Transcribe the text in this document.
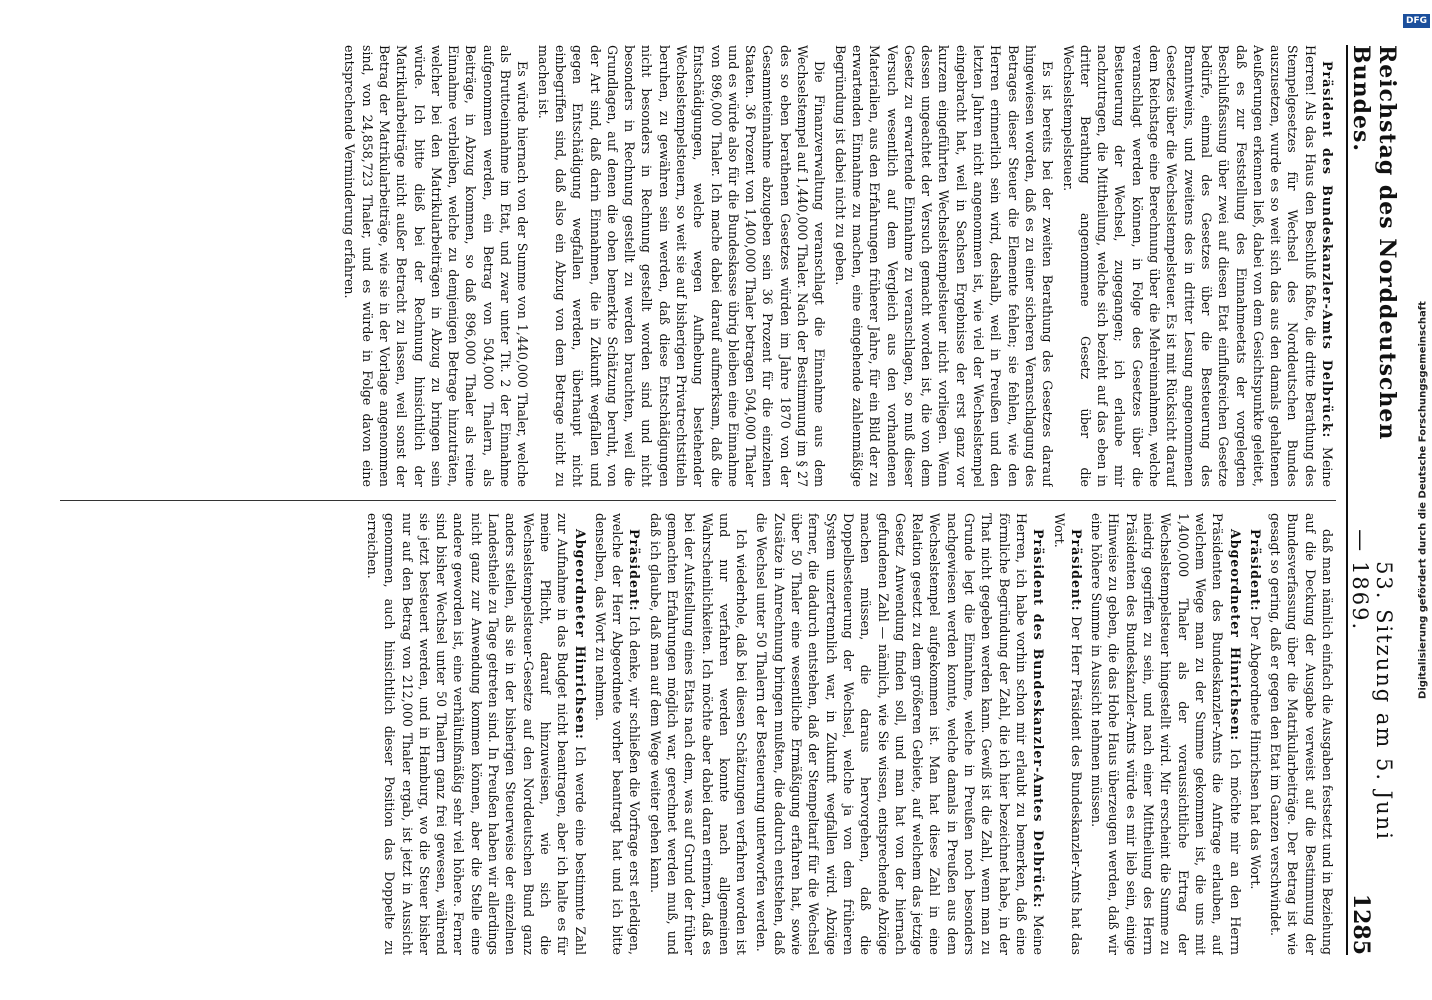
Reichstag des Norddeutschen Bundes.
—
53. Sitzung am 5. Juni 1869.
1285

Präsident des Bundeskanzler-Amts Delbrück: Meine Herren! Als das Haus den Beschluß faßte, die dritte Berathung des Stempelgesetzes für Wechsel des Norddeutschen Bundes auszusetzen, wurde es so weit sich das aus den damals gehaltenen Aeußerungen erkennen ließ, dabei von dem Gesichtspunkte geleitet, daß es zur Feststellung des Einnahmeetats der vorgelegten Beschlußfassung über zwei auf diesen Etat einflußreichen Gesetze bedürfe, einmal des Gesetzes über die Besteuerung des Branntweins, und zweitens des in dritter Lesung angenommenen Gesetzes über die Wechselstempelsteuer. Es ist mit Rücksicht darauf dem Reichstage eine Berechnung über die Mehreinnahmen, welche veranschlagt werden können, in Folge des Gesetzes über die Besteuerung der Wechsel, zugegangen; ich erlaube mir nachzutragen, die Mittheilung, welche sich bezieht auf das eben in dritter Berathung angenommene Gesetz über die Wechselstempelsteuer.

Es ist bereits bei der zweiten Berathung des Gesetzes darauf hingewiesen worden, daß es zu einer sicheren Veranschlagung des Betrages dieser Steuer die Elemente fehlen; sie fehlen, wie den Herren erinnerlich sein wird, deshalb, weil in Preußen und den letzten Jahren nicht angenommen ist, wie viel der Wechselstempel eingebracht hat, weil in Sachsen Ergebnisse der erst ganz vor kurzem eingeführten Wechselstempelsteuer nicht vorliegen. Wenn dessen ungeachtet der Versuch gemacht worden ist, die von dem Gesetz zu erwartende Einnahme zu veranschlagen, so muß dieser Versuch wesentlich auf dem Vergleich aus den vorhandenen Materialien, aus den Erfahrungen früherer Jahre, für ein Bild der zu erwartenden Einnahme zu machen, eine eingehende zahlenmäßige Begründung ist dabei nicht zu geben.

Die Finanzverwaltung veranschlagt die Einnahme aus dem Wechselstempel auf 1,440,000 Thaler. Nach der Bestimmung im § 27 des so eben berathenen Gesetzes würden im Jahre 1870 von der Gesammteinnahme abzugeben sein 36 Prozent für die einzelnen Staaten. 36 Prozent von 1,400,000 Thaler betragen 504,000 Thaler und es würde also für die Bundeskasse übrig bleiben eine Einnahme von 896,000 Thaler. Ich mache dabei darauf aufmerksam, daß die Entschädigungen, welche wegen Aufhebung bestehender Wechselstempelsteuern, so weit sie auf bisherigen Privatrechtstiteln beruhen, zu gewähren sein werden, daß diese Entschädigungen nicht besonders in Rechnung gestellt worden sind und nicht besonders in Rechnung gestellt zu werden brauchten, weil die Grundlagen, auf denen die oben bemerkte Schätzung beruht, von der Art sind, daß darin Einnahmen, die in Zukunft wegfallen und gegen Entschädigung wegfallen werden, überhaupt nicht einbegriffen sind, daß also ein Abzug von dem Betrage nicht zu machen ist.

Es würde hiernach von der Summe von 1,440,000 Thaler, welche als Bruttoeinnahme im Etat, und zwar unter Tit. 2 der Einnahme aufgenommen werden, ein Betrag von 504,000 Thalern, als Beiträge, in Abzug kommen, so daß 896,000 Thaler als reine Einnahme verbleiben, welche zu demjenigen Betrage hinzuträten, welcher bei den Matrikularbeiträgen in Abzug zu bringen sein würde. Ich bitte dieß bei der Rechnung hinsichtlich der Matrikularbeiträge nicht außer Betracht zu lassen, weil sonst der Betrag der Matrikularbeiträge, wie sie in der Vorlage angenommen sind, von 24,858,723 Thaler, und es würde in Folge davon eine entsprechende Verminderung erfahren.

daß man nämlich einfach die Ausgaben festsetzt und in Beziehung auf die Deckung der Ausgabe verweist auf die Bestimmung der Bundesverfassung über die Matrikularbeiträge. Der Betrag ist wie gesagt so gering, daß er gegen den Etat im Ganzen verschwindet.

Präsident: Der Abgeordnete Hinrichsen hat das Wort.

Abgeordneter Hinrichsen: Ich möchte mir an den Herrn Präsidenten des Bundeskanzler-Amts die Anfrage erlauben, auf welchem Wege man zu der Summe gekommen ist, die uns mit 1,400,000 Thaler als der voraussichtliche Ertrag der Wechselstempelsteuer hingestellt wird. Mir erscheint die Summe zu niedrig gegriffen zu sein, und nach einer Mittheilung des Herrn Präsidenten des Bundeskanzler-Amts würde es mir lieb sein, einige Hinweise zu geben, die das Hohe Haus überzeugen werden, daß wir eine höhere Summe in Aussicht nehmen müssen.

Präsident: Der Herr Präsident des Bundeskanzler-Amts hat das Wort.

Präsident des Bundeskanzler-Amtes Delbrück: Meine Herren, ich habe vorhin schon mir erlaubt zu bemerken, daß eine förmliche Begründung der Zahl, die ich hier bezeichnet habe, in der That nicht gegeben werden kann. Gewiß ist die Zahl, wenn man zu Grunde legt die Einnahme, welche in Preußen noch besonders nachgewiesen werden konnte, welche damals in Preußen aus dem Wechselstempel aufgekommen ist. Man hat diese Zahl in eine Relation gesetzt zu dem größeren Gebiete, auf welchem das jetzige Gesetz Anwendung finden soll, und man hat von der hiernach gefundenen Zahl — nämlich, wie Sie wissen, entsprechende Abzüge machen müssen, die daraus hervorgehen, daß die Doppelbesteuerung der Wechsel, welche ja von dem früheren System unzertrennlich war, in Zukunft wegfallen wird. Abzüge ferner, die dadurch entstehen, daß der Stempeltarif für die Wechsel über 50 Thaler eine wesentliche Ermäßigung erfahren hat, sowie Zusätze in Anrechnung bringen mußten, die dadurch entstehen, daß die Wechsel unter 50 Thalern der Besteuerung unterworfen werden.

Ich wiederhole, daß bei diesen Schätzungen verfahren worden ist und nur verfahren werden konnte nach allgemeinen Wahrscheinlichkeiten. Ich möchte aber dabei daran erinnern, daß es bei der Aufstellung eines Etats nach dem, was auf Grund der früher gemachten Erfahrungen möglich war, gerechnet werden muß, und daß ich glaube, daß man auf dem Wege weiter gehen kann.

Präsident: Ich denke, wir schließen die Vorfrage erst erledigen, welche der Herr Abgeordnete vorher beantragt hat und ich bitte denselben, das Wort zu nehmen.

Abgeordneter Hinrichsen: Ich werde eine bestimmte Zahl zur Aufnahme in das Budget nicht beantragen, aber ich halte es für meine Pflicht, darauf hinzuweisen, wie sich die Wechselstempelsteuer-Gesetze auf den Norddeutschen Bund ganz anders stellen, als sie in der bisherigen Steuerweise der einzelnen Landestheile zu Tage getreten sind. In Preußen haben wir allerdings nicht ganz zur Anwendung kommen können, aber die Stelle eine andere geworden ist, eine verhältnißmäßig sehr viel höhere. Ferner sind bisher Wechsel unter 50 Thalern ganz frei gewesen, während sie jetzt besteuert werden, und in Hamburg, wo die Steuer bisher nur auf den Betrag von 212,000 Thaler ergab, ist jetzt in Aussicht genommen, auch hinsichtlich dieser Position das Doppelte zu erreichen.

DFG
Digitalisierung gefördert durch die Deutsche Forschungsgemeinschaft
